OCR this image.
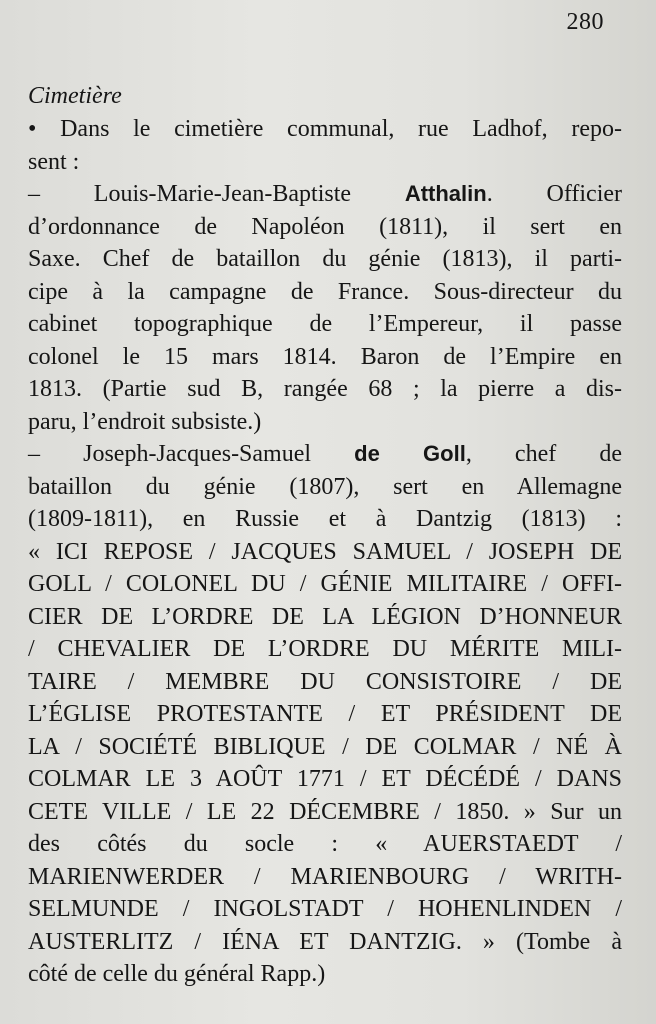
280
Cimetière
• Dans le cimetière communal, rue Ladhof, repo-
sent :
– Louis-Marie-Jean-Baptiste Atthalin. Officier
d’ordonnance de Napoléon (1811), il sert en
Saxe. Chef de bataillon du génie (1813), il parti-
cipe à la campagne de France. Sous-directeur du
cabinet topographique de l’Empereur, il passe
colonel le 15 mars 1814. Baron de l’Empire en
1813. (Partie sud B, rangée 68 ; la pierre a dis-
paru, l’endroit subsiste.)
– Joseph-Jacques-Samuel de Goll, chef de
bataillon du génie (1807), sert en Allemagne
(1809-1811), en Russie et à Dantzig (1813) :
« ICI REPOSE / JACQUES SAMUEL / JOSEPH DE
GOLL / COLONEL DU / GÉNIE MILITAIRE / OFFI-
CIER DE L’ORDRE DE LA LÉGION D’HONNEUR
/ CHEVALIER DE L’ORDRE DU MÉRITE MILI-
TAIRE / MEMBRE DU CONSISTOIRE / DE
L’ÉGLISE PROTESTANTE / ET PRÉSIDENT DE
LA / SOCIÉTÉ BIBLIQUE / DE COLMAR / NÉ À
COLMAR LE 3 AOÛT 1771 / ET DÉCÉDÉ / DANS
CETE VILLE / LE 22 DÉCEMBRE / 1850. » Sur un
des côtés du socle : « AUERSTAEDT /
MARIENWERDER / MARIENBOURG / WRITH-
SELMUNDE / INGOLSTADT / HOHENLINDEN /
AUSTERLITZ / IÉNA ET DANTZIG. » (Tombe à
côté de celle du général Rapp.)
